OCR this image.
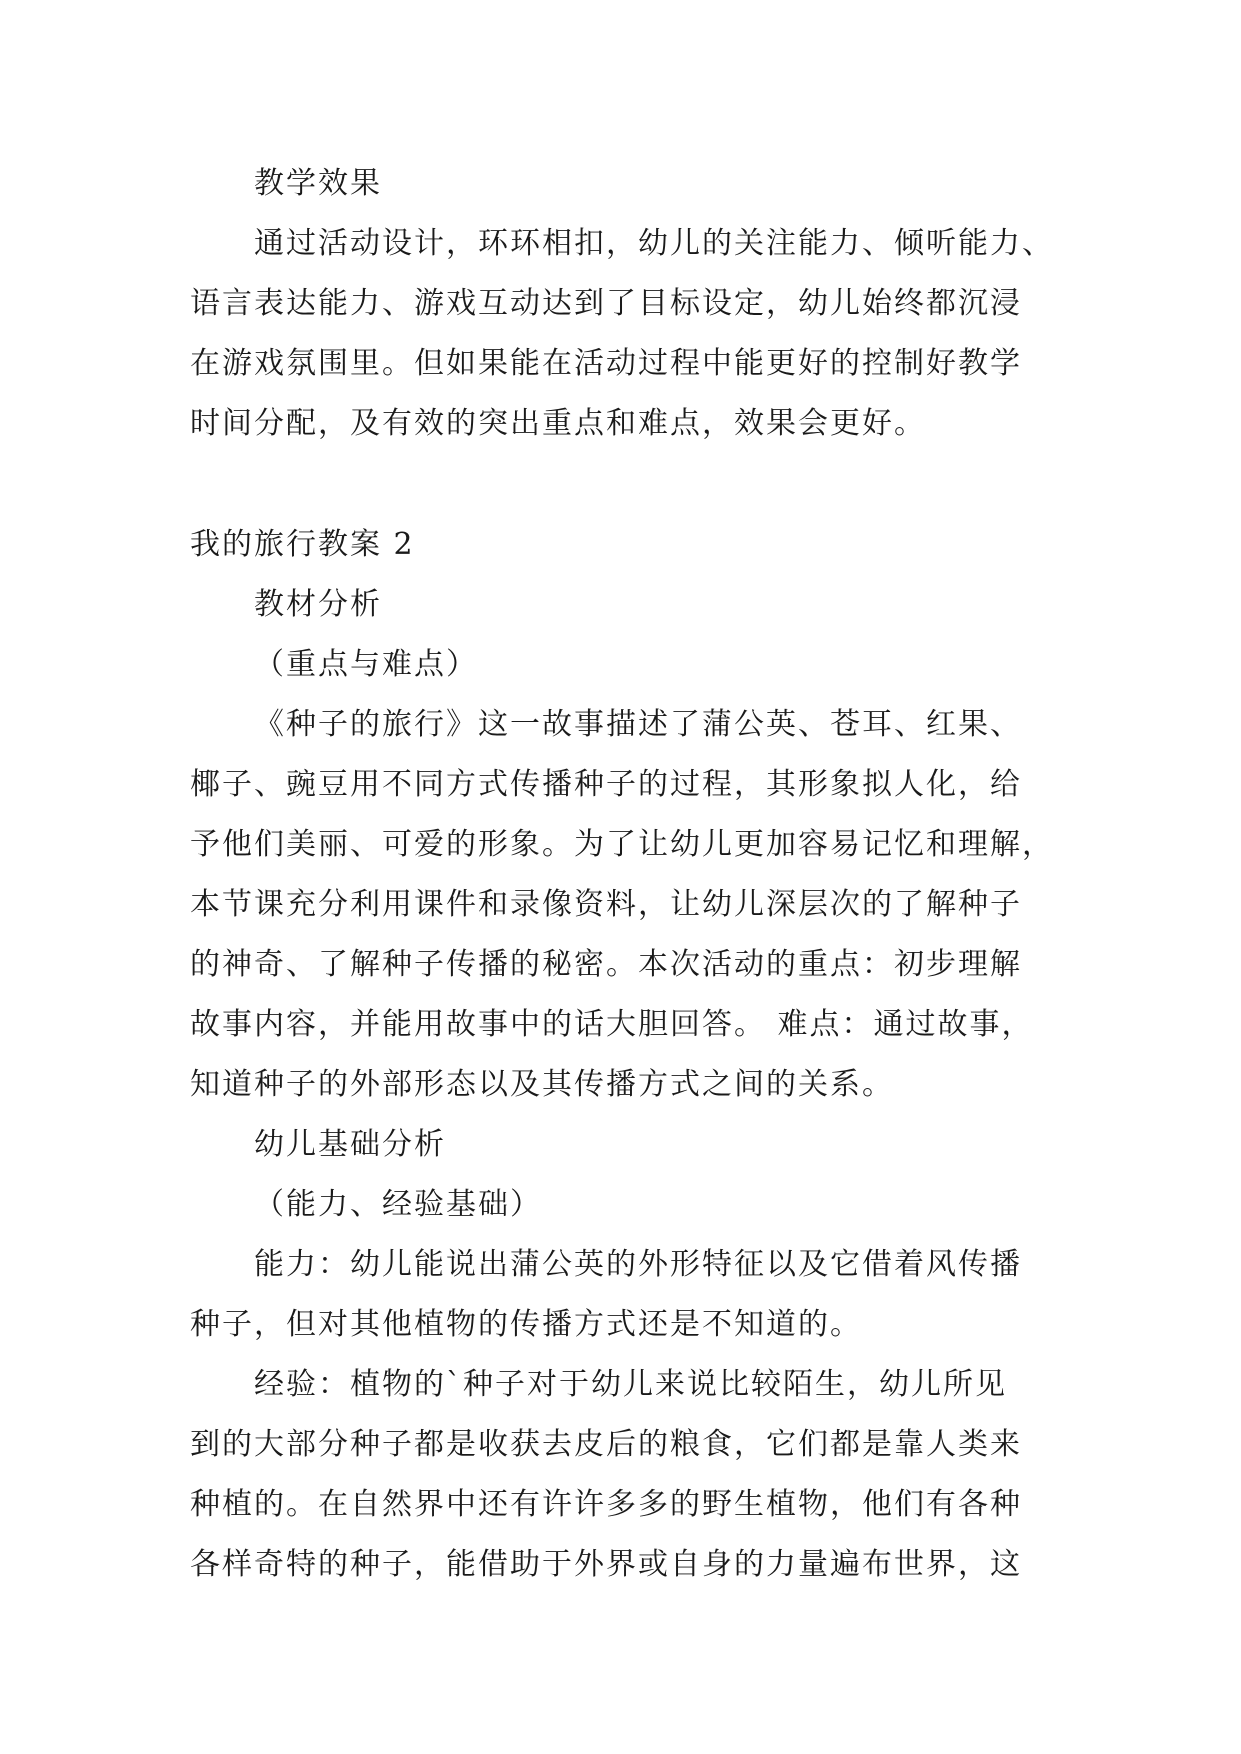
教学效果
通过活动设计，环环相扣，幼儿的关注能力、倾听能力、
语言表达能力、游戏互动达到了目标设定，幼儿始终都沉浸
在游戏氛围里。但如果能在活动过程中能更好的控制好教学
时间分配，及有效的突出重点和难点，效果会更好。
我的旅行教案 2
教材分析
（重点与难点）
《种子的旅行》这一故事描述了蒲公英、苍耳、红果、
椰子、豌豆用不同方式传播种子的过程，其形象拟人化，给
予他们美丽、可爱的形象。为了让幼儿更加容易记忆和理解，
本节课充分利用课件和录像资料，让幼儿深层次的了解种子
的神奇、了解种子传播的秘密。本次活动的重点：初步理解
故事内容，并能用故事中的话大胆回答。 难点：通过故事，
知道种子的外部形态以及其传播方式之间的关系。
幼儿基础分析
（能力、经验基础）
能力：幼儿能说出蒲公英的外形特征以及它借着风传播
种子，但对其他植物的传播方式还是不知道的。
经验：植物的`种子对于幼儿来说比较陌生，幼儿所见
到的大部分种子都是收获去皮后的粮食，它们都是靠人类来
种植的。在自然界中还有许许多多的野生植物，他们有各种
各样奇特的种子，能借助于外界或自身的力量遍布世界，这
